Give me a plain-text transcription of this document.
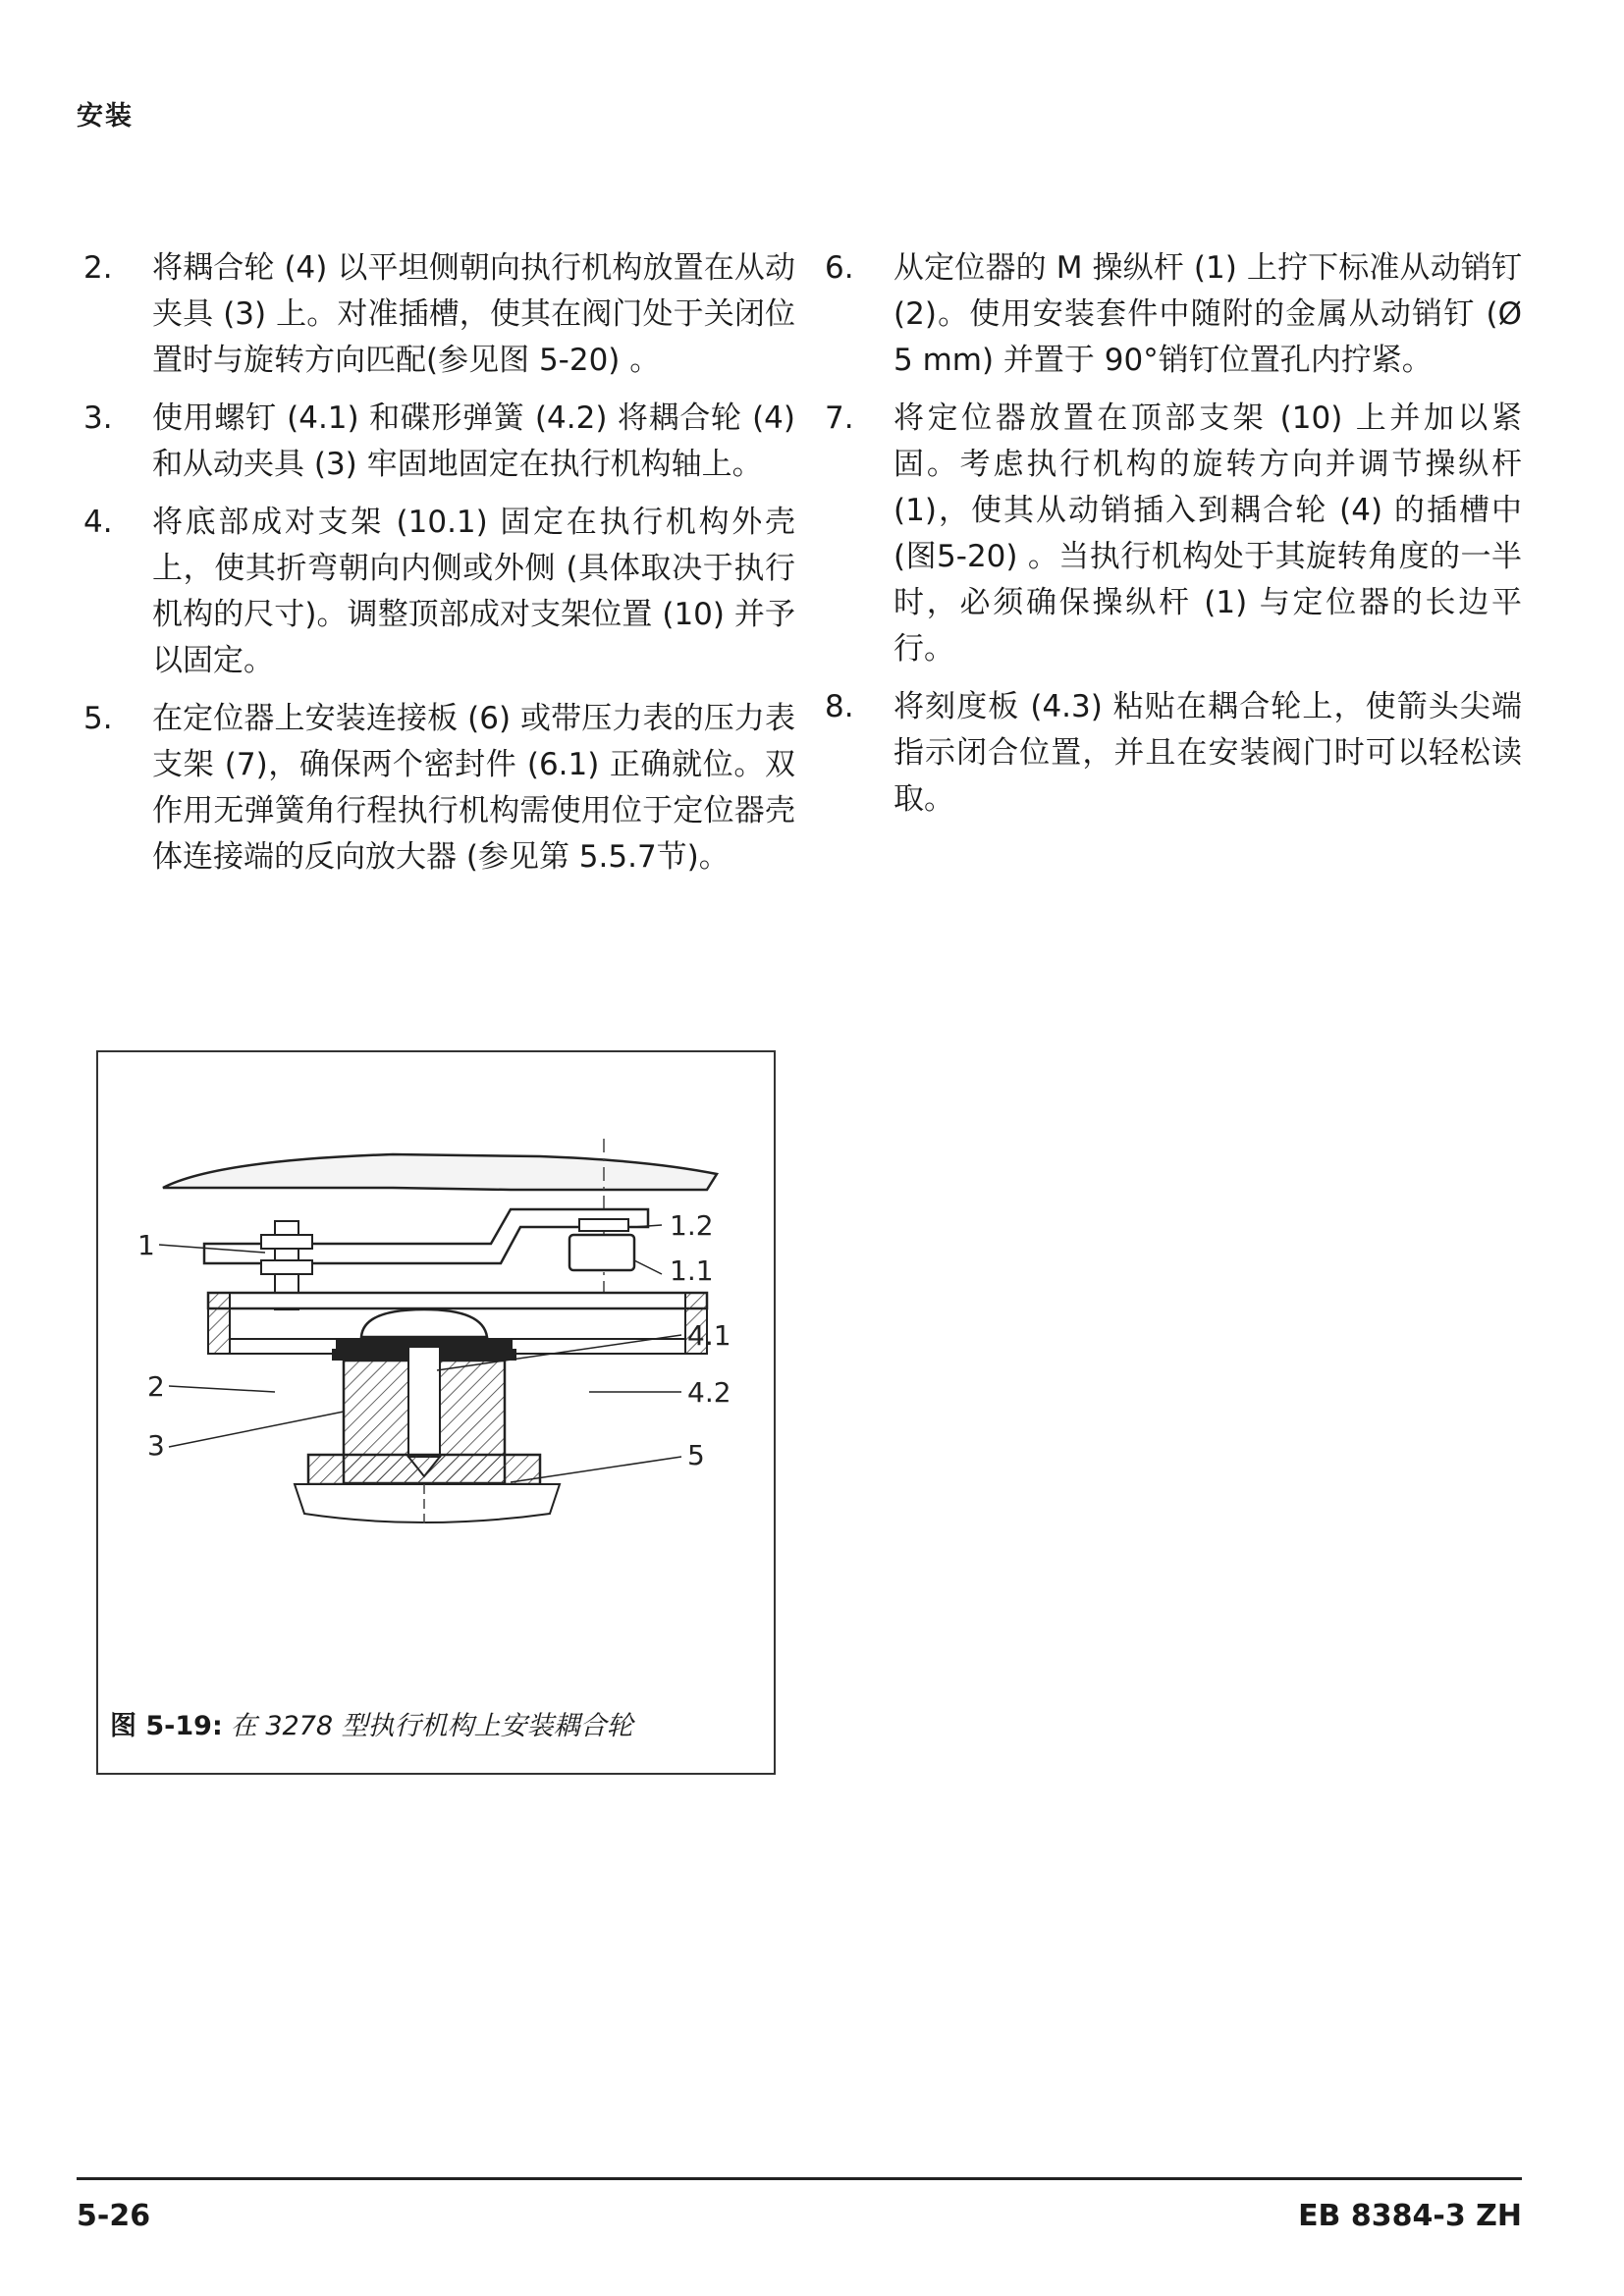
安装
2. 将耦合轮 (4) 以平坦侧朝向执行机构放置在从动夹具 (3) 上。对准插槽，使其在阀门处于关闭位置时与旋转方向匹配(参见图 5-20) 。
3. 使用螺钉 (4.1) 和碟形弹簧 (4.2) 将耦合轮 (4) 和从动夹具 (3) 牢固地固定在执行机构轴上。
4. 将底部成对支架 (10.1) 固定在执行机构外壳上，使其折弯朝向内侧或外侧 (具体取决于执行机构的尺寸)。调整顶部成对支架位置 (10) 并予以固定。
5. 在定位器上安装连接板 (6) 或带压力表的压力表支架 (7)，确保两个密封件 (6.1) 正确就位。双作用无弹簧角行程执行机构需使用位于定位器壳体连接端的反向放大器 (参见第 5.5.7节)。
6. 从定位器的 M 操纵杆 (1) 上拧下标准从动销钉 (2)。使用安装套件中随附的金属从动销钉 (Ø 5 mm) 并置于 90°销钉位置孔内拧紧。
7. 将定位器放置在顶部支架 (10) 上并加以紧固。考虑执行机构的旋转方向并调节操纵杆 (1)，使其从动销插入到耦合轮 (4) 的插槽中 (图5-20) 。当执行机构处于其旋转角度的一半时，必须确保操纵杆 (1) 与定位器的长边平行。
8. 将刻度板 (4.3) 粘贴在耦合轮上，使箭头尖端指示闭合位置，并且在安装阀门时可以轻松读取。
1
2
3
1.2
1.1
4.1
4.2
5
图 5-19: 在 3278 型执行机构上安装耦合轮
5-26	EB 8384-3 ZH
